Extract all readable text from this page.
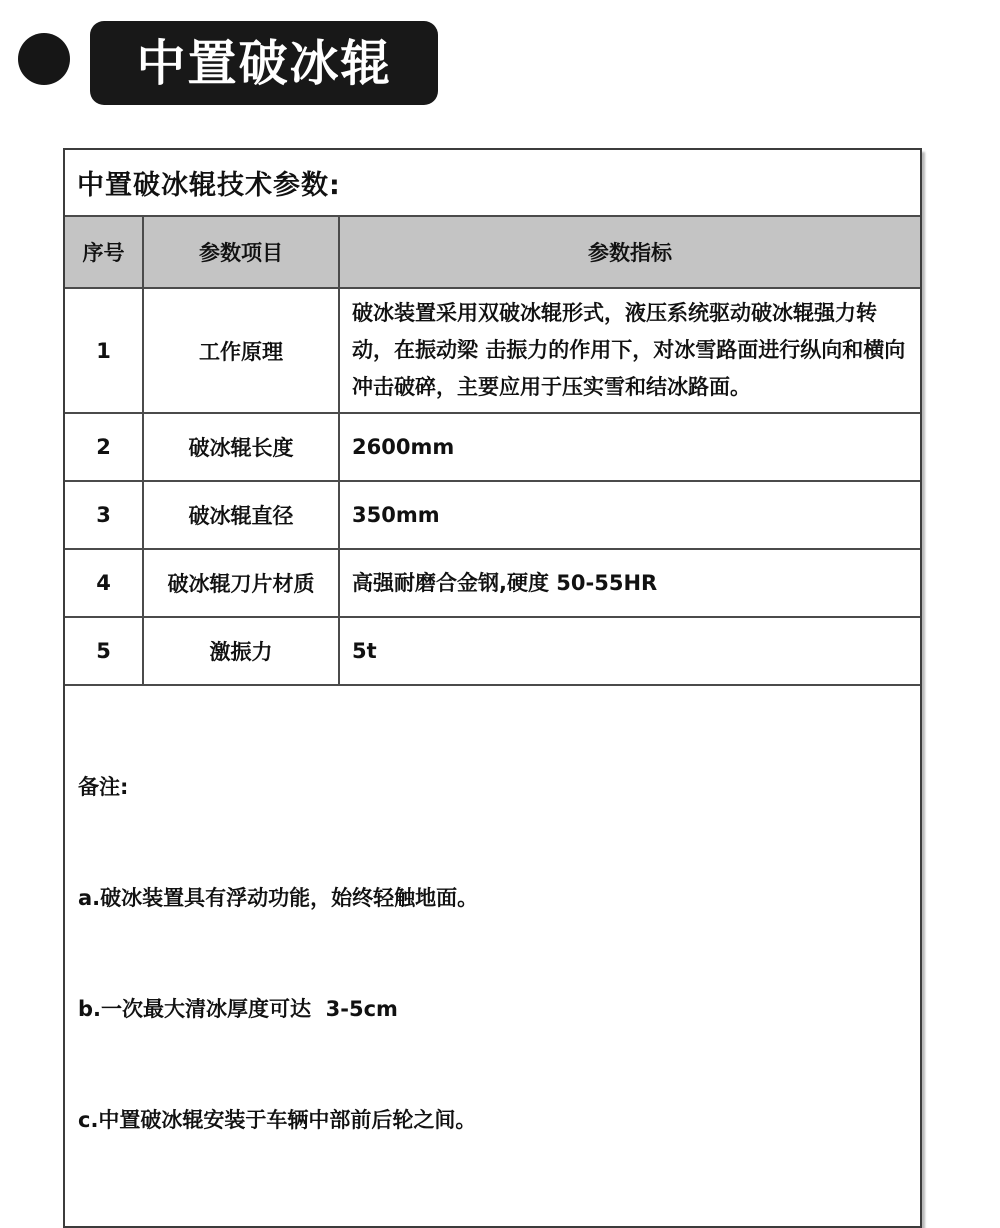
中置破冰辊
中置破冰辊技术参数:
序号	参数项目	参数指标
1	工作原理	破冰装置采用双破冰辊形式，液压系统驱动破冰辊强力转动，在振动梁 击振力的作用下，对冰雪路面进行纵向和横向冲击破碎，主要应用于压实雪和结冰路面。
2	破冰辊长度	2600mm
3	破冰辊直径	350mm
4	破冰辊刀片材质	高强耐磨合金钢,硬度 50-55HR
5	激振力	5t

备注:

a.破冰装置具有浮动功能，始终轻触地面。

b.一次最大清冰厚度可达  3-5cm

c.中置破冰辊安装于车辆中部前后轮之间。
